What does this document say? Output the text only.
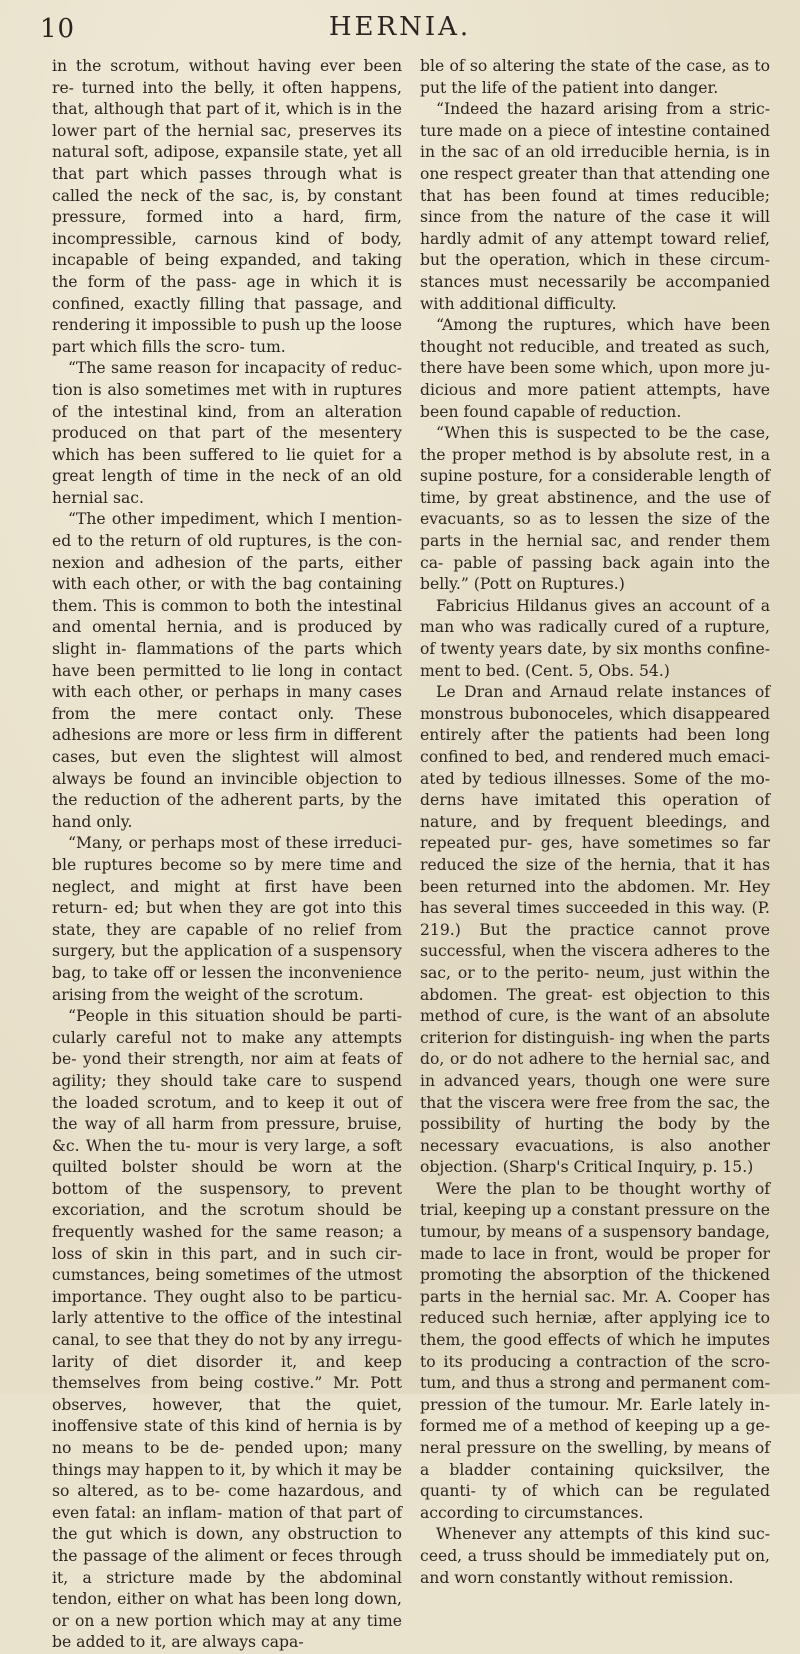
10	HERNIA.

in the scrotum, without having ever been re- turned into the belly, it often happens, that, although that part of it, which is in the lower part of the hernial sac, preserves its natural soft, adipose, expansile state, yet all that part which passes through what is called the neck of the sac, is, by constant pressure, formed into a hard, firm, incompressible, carnous kind of body, incapable of being expanded, and taking the form of the pass- age in which it is confined, exactly filling that passage, and rendering it impossible to push up the loose part which fills the scro- tum.

“The same reason for incapacity of reduc- tion is also sometimes met with in ruptures of the intestinal kind, from an alteration produced on that part of the mesentery which has been suffered to lie quiet for a great length of time in the neck of an old hernial sac.

“The other impediment, which I mention- ed to the return of old ruptures, is the con- nexion and adhesion of the parts, either with each other, or with the bag containing them. This is common to both the intestinal and omental hernia, and is produced by slight in- flammations of the parts which have been permitted to lie long in contact with each other, or perhaps in many cases from the mere contact only. These adhesions are more or less firm in different cases, but even the slightest will almost always be found an invincible objection to the reduction of the adherent parts, by the hand only.

“Many, or perhaps most of these irreduci- ble ruptures become so by mere time and neglect, and might at first have been return- ed; but when they are got into this state, they are capable of no relief from surgery, but the application of a suspensory bag, to take off or lessen the inconvenience arising from the weight of the scrotum.

“People in this situation should be parti- cularly careful not to make any attempts be- yond their strength, nor aim at feats of agility; they should take care to suspend the loaded scrotum, and to keep it out of the way of all harm from pressure, bruise, &c. When the tu- mour is very large, a soft quilted bolster should be worn at the bottom of the suspensory, to prevent excoriation, and the scrotum should be frequently washed for the same reason; a loss of skin in this part, and in such cir- cumstances, being sometimes of the utmost importance. They ought also to be particu- larly attentive to the office of the intestinal canal, to see that they do not by any irregu- larity of diet disorder it, and keep themselves from being costive.” Mr. Pott observes, however, that the quiet, inoffensive state of this kind of hernia is by no means to be de- pended upon; many things may happen to it, by which it may be so altered, as to be- come hazardous, and even fatal: an inflam- mation of that part of the gut which is down, any obstruction to the passage of the aliment or feces through it, a stricture made by the abdominal tendon, either on what has been long down, or on a new portion which may at any time be added to it, are always capa-

ble of so altering the state of the case, as to put the life of the patient into danger.

“Indeed the hazard arising from a stric- ture made on a piece of intestine contained in the sac of an old irreducible hernia, is in one respect greater than that attending one that has been found at times reducible; since from the nature of the case it will hardly admit of any attempt toward relief, but the operation, which in these circum- stances must necessarily be accompanied with additional difficulty.

“Among the ruptures, which have been thought not reducible, and treated as such, there have been some which, upon more ju- dicious and more patient attempts, have been found capable of reduction.

“When this is suspected to be the case, the proper method is by absolute rest, in a supine posture, for a considerable length of time, by great abstinence, and the use of evacuants, so as to lessen the size of the parts in the hernial sac, and render them ca- pable of passing back again into the belly.” (Pott on Ruptures.)

Fabricius Hildanus gives an account of a man who was radically cured of a rupture, of twenty years date, by six months confine- ment to bed. (Cent. 5, Obs. 54.)

Le Dran and Arnaud relate instances of monstrous bubonoceles, which disappeared entirely after the patients had been long confined to bed, and rendered much emaci- ated by tedious illnesses. Some of the mo- derns have imitated this operation of nature, and by frequent bleedings, and repeated pur- ges, have sometimes so far reduced the size of the hernia, that it has been returned into the abdomen. Mr. Hey has several times succeeded in this way. (P. 219.) But the practice cannot prove successful, when the viscera adheres to the sac, or to the perito- neum, just within the abdomen. The great- est objection to this method of cure, is the want of an absolute criterion for distinguish- ing when the parts do, or do not adhere to the hernial sac, and in advanced years, though one were sure that the viscera were free from the sac, the possibility of hurting the body by the necessary evacuations, is also another objection. (Sharp's Critical Inquiry, p. 15.)

Were the plan to be thought worthy of trial, keeping up a constant pressure on the tumour, by means of a suspensory bandage, made to lace in front, would be proper for promoting the absorption of the thickened parts in the hernial sac. Mr. A. Cooper has reduced such herniæ, after applying ice to them, the good effects of which he imputes to its producing a contraction of the scro- tum, and thus a strong and permanent com- pression of the tumour. Mr. Earle lately in- formed me of a method of keeping up a ge- neral pressure on the swelling, by means of a bladder containing quicksilver, the quanti- ty of which can be regulated according to circumstances.

Whenever any attempts of this kind suc- ceed, a truss should be immediately put on, and worn constantly without remission.
